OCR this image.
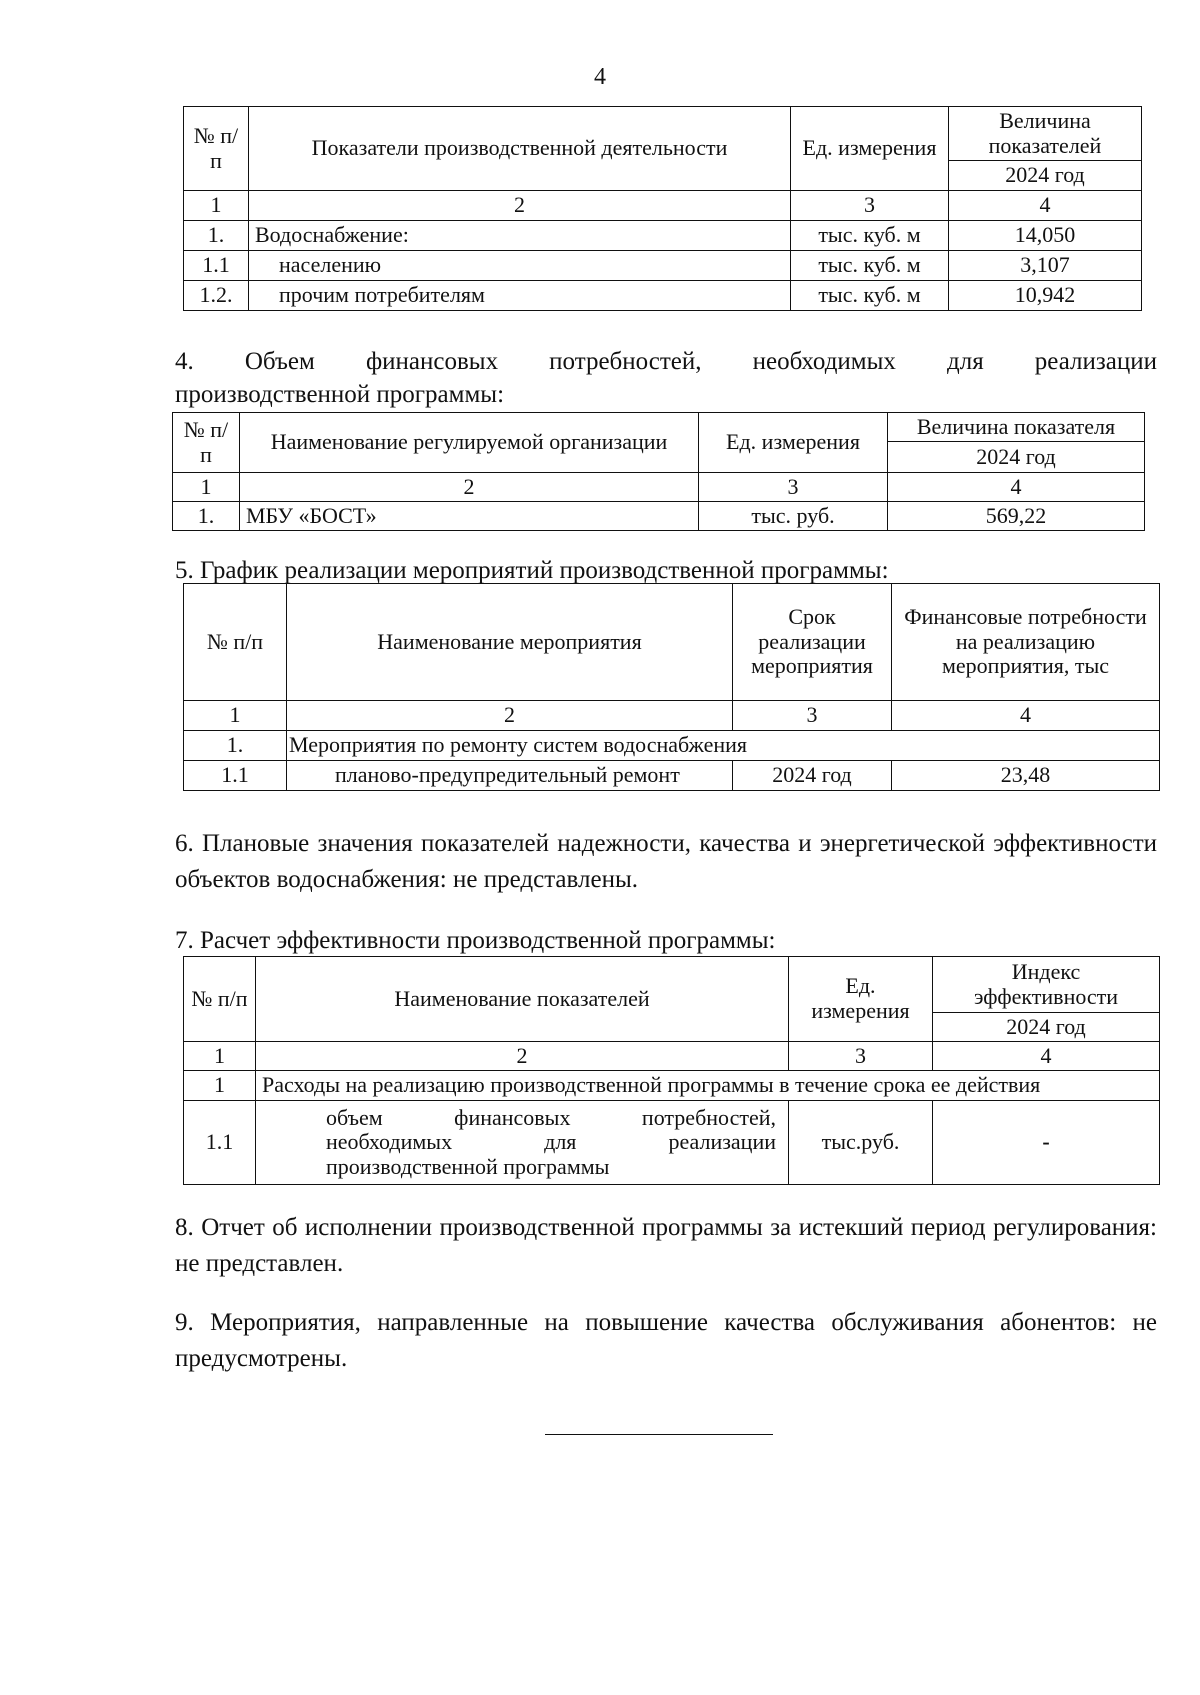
4
№ п/п	Показатели производственной деятельности	Ед. измерения	Величина показателей
			2024 год
1	2	3	4
1.	Водоснабжение:	тыс. куб. м	14,050
1.1	населению	тыс. куб. м	3,107
1.2.	прочим потребителям	тыс. куб. м	10,942
4. Объем финансовых потребностей, необходимых для реализации
производственной программы:
№ п/п	Наименование регулируемой организации	Ед. измерения	Величина показателя
			2024 год
1	2	3	4
1.	МБУ «БОСТ»	тыс. руб.	569,22
5. График реализации мероприятий производственной программы:
№ п/п	Наименование мероприятия	Срок реализации мероприятия	Финансовые потребности на реализацию мероприятия, тыс
1	2	3	4
1.	Мероприятия по ремонту систем водоснабжения		
1.1	планово-предупредительный ремонт	2024 год	23,48
6. Плановые значения показателей надежности, качества и энергетической эффективности объектов водоснабжения: не представлены.
7. Расчет эффективности производственной программы:
№ п/п	Наименование показателей	Ед. измерения	Индекс эффективности
			2024 год
1	2	3	4
1	Расходы на реализацию производственной программы в течение срока ее действия		
1.1	объем финансовых потребностей,
необходимых для реализации
производственной программы	тыс.руб.	-
8. Отчет об исполнении производственной программы за истекший период регулирования: не представлен.
9. Мероприятия, направленные на повышение качества обслуживания абонентов: не предусмотрены.
